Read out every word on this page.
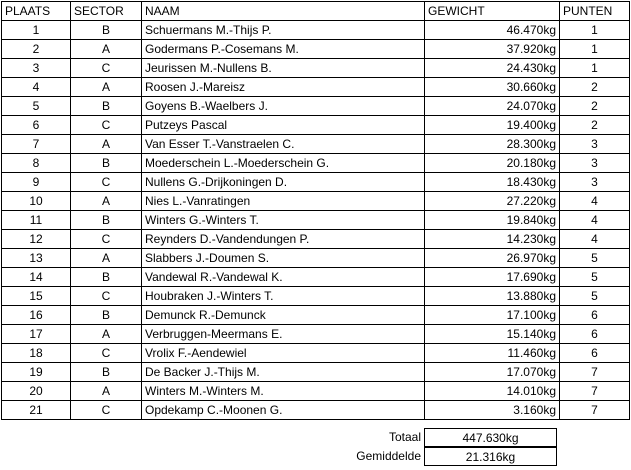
PLAATS	SECTOR	NAAM	GEWICHT	PUNTEN
1	B	Schuermans M.-Thijs P.	46.470kg	1
2	A	Godermans P.-Cosemans M.	37.920kg	1
3	C	Jeurissen M.-Nullens B.	24.430kg	1
4	A	Roosen J.-Mareisz	30.660kg	2
5	B	Goyens B.-Waelbers J.	24.070kg	2
6	C	Putzeys Pascal	19.400kg	2
7	A	Van Esser T.-Vanstraelen C.	28.300kg	3
8	B	Moederschein L.-Moederschein G.	20.180kg	3
9	C	Nullens G.-Drijkoningen D.	18.430kg	3
10	A	Nies L.-Vanratingen	27.220kg	4
11	B	Winters G.-Winters T.	19.840kg	4
12	C	Reynders D.-Vandendungen P.	14.230kg	4
13	A	Slabbers J.-Doumen S.	26.970kg	5
14	B	Vandewal R.-Vandewal K.	17.690kg	5
15	C	Houbraken J.-Winters T.	13.880kg	5
16	B	Demunck R.-Demunck	17.100kg	6
17	A	Verbruggen-Meermans E.	15.140kg	6
18	C	Vrolix F.-Aendewiel	11.460kg	6
19	B	De Backer J.-Thijs M.	17.070kg	7
20	A	Winters M.-Winters M.	14.010kg	7
21	C	Opdekamp C.-Moonen G.	3.160kg	7
Totaal	447.630kg
Gemiddelde	21.316kg
